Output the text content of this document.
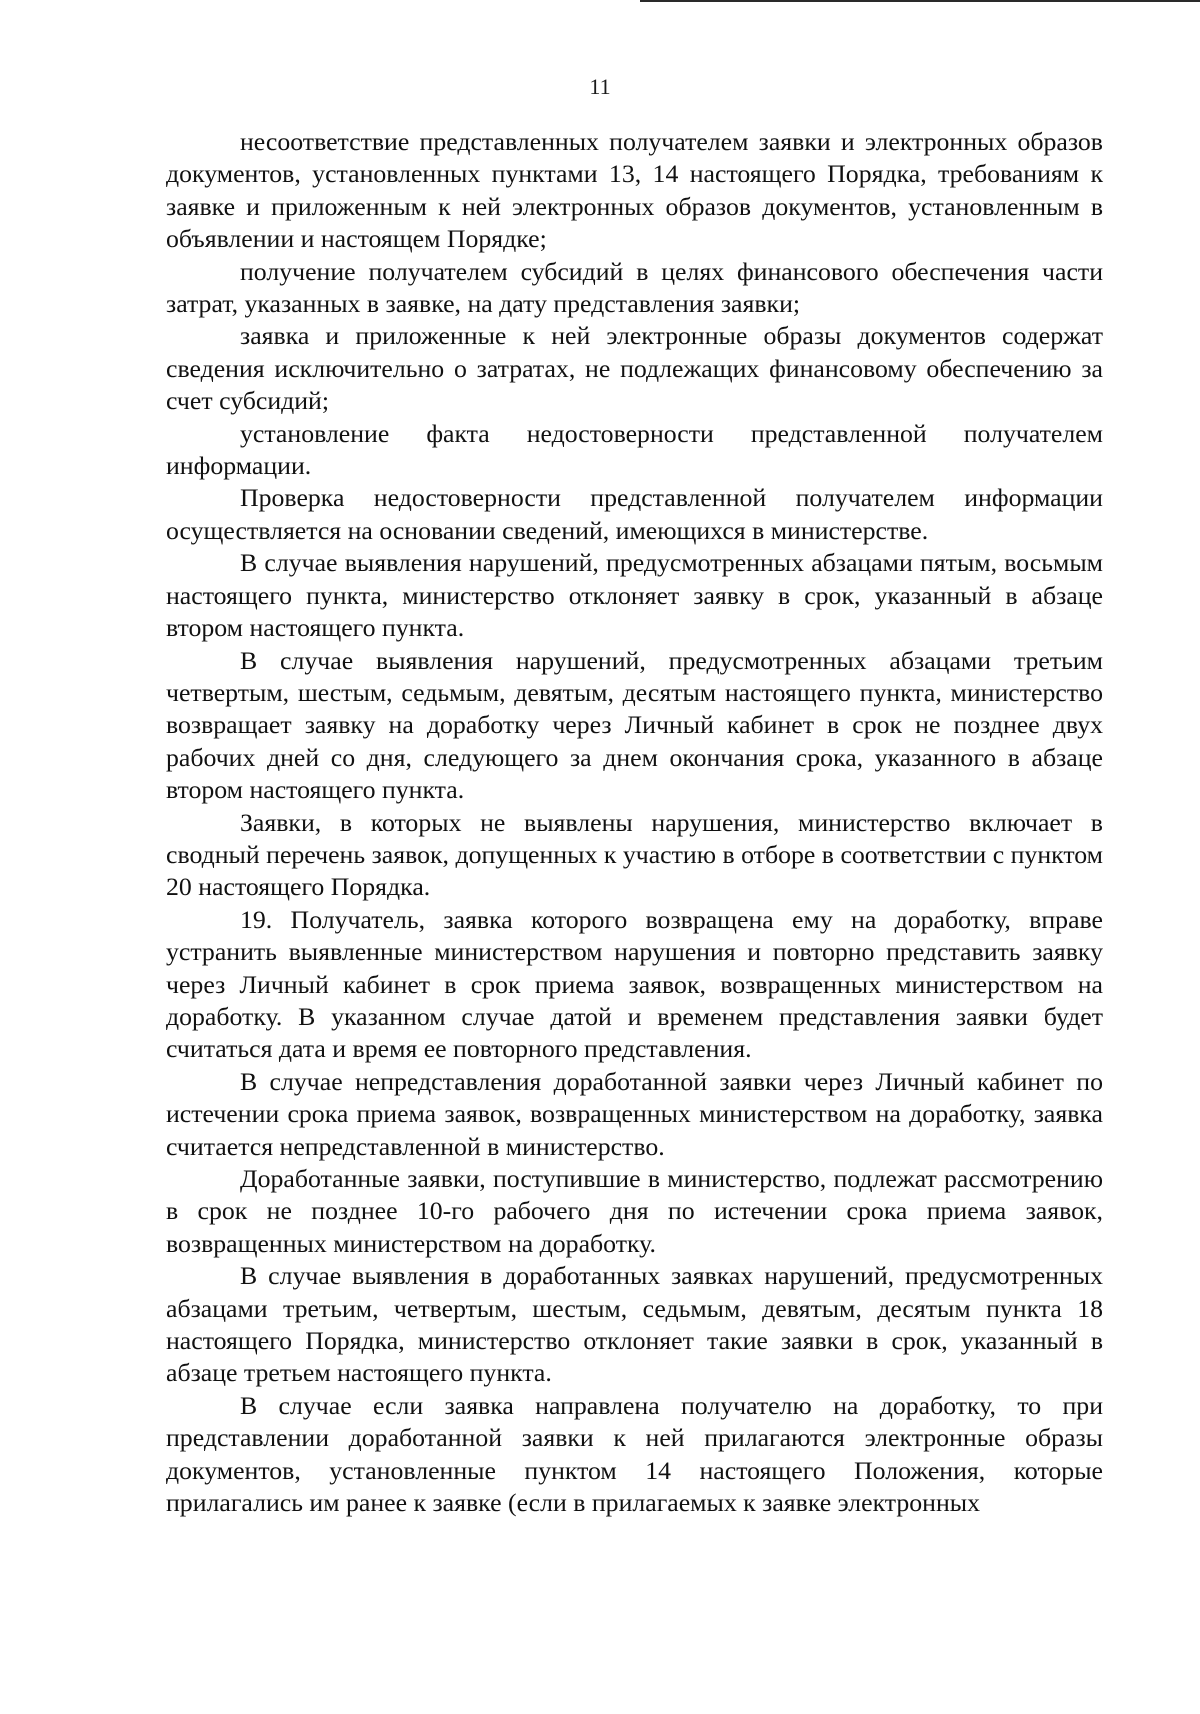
11

несоответствие представленных получателем заявки и электронных образов документов, установленных пунктами 13, 14 настоящего Порядка, требованиям к заявке и приложенным к ней электронных образов документов, установленным в объявлении и настоящем Порядке;

получение получателем субсидий в целях финансового обеспечения части затрат, указанных в заявке, на дату представления заявки;

заявка и приложенные к ней электронные образы документов содержат сведения исключительно о затратах, не подлежащих финансовому обеспечению за счет субсидий;

установление факта недостоверности представленной получателем информации.

Проверка недостоверности представленной получателем информации осуществляется на основании сведений, имеющихся в министерстве.

В случае выявления нарушений, предусмотренных абзацами пятым, восьмым настоящего пункта, министерство отклоняет заявку в срок, указанный в абзаце втором настоящего пункта.

В случае выявления нарушений, предусмотренных абзацами третьим четвертым, шестым, седьмым, девятым, десятым настоящего пункта, министерство возвращает заявку на доработку через Личный кабинет в срок не позднее двух рабочих дней со дня, следующего за днем окончания срока, указанного в абзаце втором настоящего пункта.

Заявки, в которых не выявлены нарушения, министерство включает в сводный перечень заявок, допущенных к участию в отборе в соответствии с пунктом 20 настоящего Порядка.

19. Получатель, заявка которого возвращена ему на доработку, вправе устранить выявленные министерством нарушения и повторно представить заявку через Личный кабинет в срок приема заявок, возвращенных министерством на доработку. В указанном случае датой и временем представления заявки будет считаться дата и время ее повторного представления.

В случае непредставления доработанной заявки через Личный кабинет по истечении срока приема заявок, возвращенных министерством на доработку, заявка считается непредставленной в министерство.

Доработанные заявки, поступившие в министерство, подлежат рассмотрению в срок не позднее 10-го рабочего дня по истечении срока приема заявок, возвращенных министерством на доработку.

В случае выявления в доработанных заявках нарушений, предусмотренных абзацами третьим, четвертым, шестым, седьмым, девятым, десятым пункта 18 настоящего Порядка, министерство отклоняет такие заявки в срок, указанный в абзаце третьем настоящего пункта.

В случае если заявка направлена получателю на доработку, то при представлении доработанной заявки к ней прилагаются электронные образы документов, установленные пунктом 14 настоящего Положения, которые прилагались им ранее к заявке (если в прилагаемых к заявке электронных
